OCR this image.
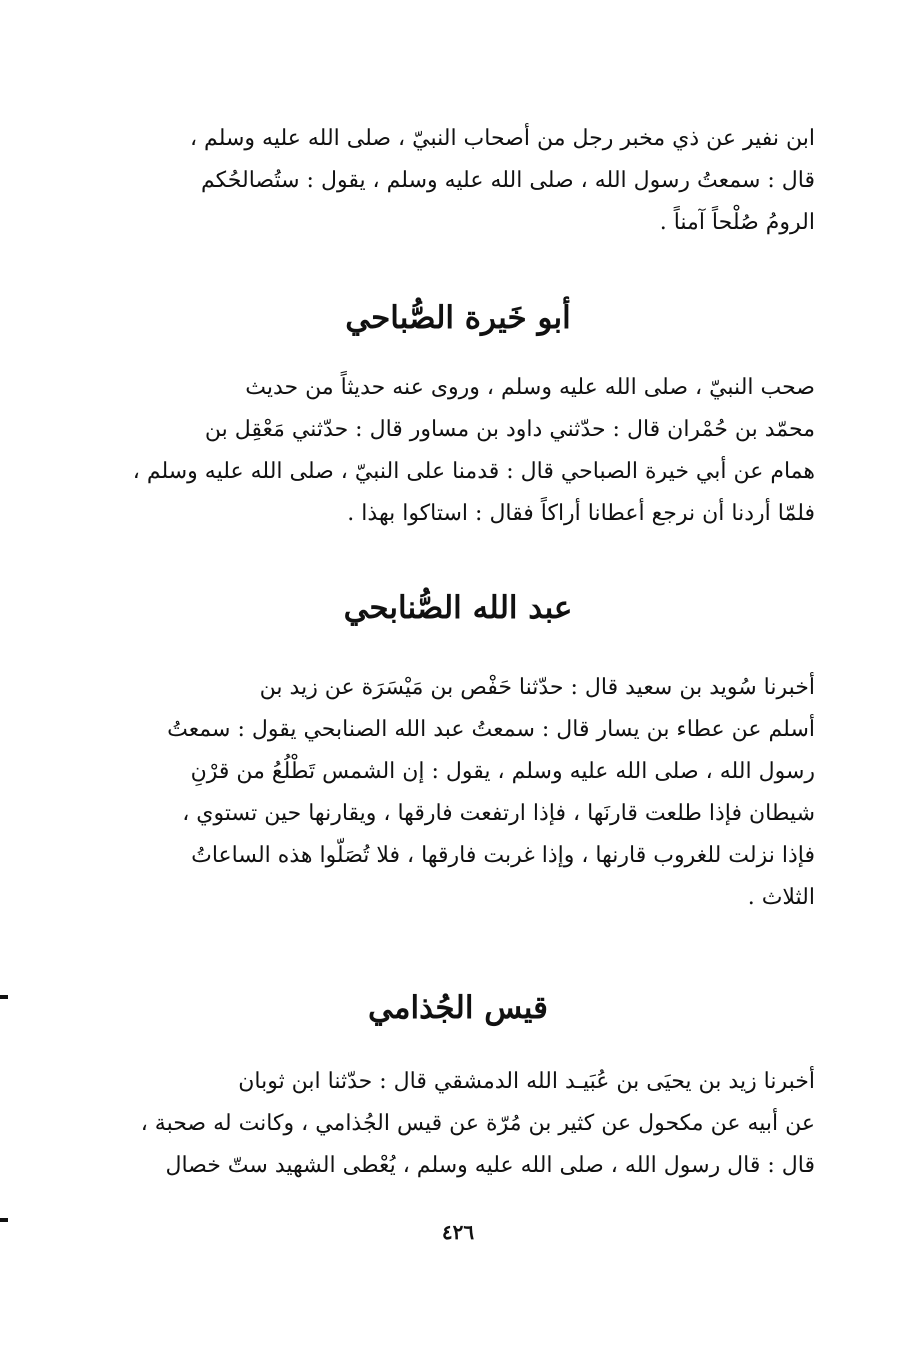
ابن نفير عن ذي مخبر رجل من أصحاب النبيّ ، صلى الله عليه وسلم ،
قال : سمعتُ رسول الله ، صلى الله عليه وسلم ، يقول : ستُصالحُكم
الرومُ صُلْحاً آمناً .
أبو خَيرة الصُّباحي
صحب النبيّ ، صلى الله عليه وسلم ، وروى عنه حديثاً من حديث
محمّد بن حُمْران قال : حدّثني داود بن مساور قال : حدّثني مَعْقِل بن
همام عن أبي خيرة الصباحي قال : قدمنا على النبيّ ، صلى الله عليه وسلم ،
فلمّا أردنا أن نرجع أعطانا أراكاً فقال : استاكوا بهذا .
عبد الله الصُّنابحي
أخبرنا سُويد بن سعيد قال : حدّثنا حَفْص بن مَيْسَرَة عن زيد بن
أسلم عن عطاء بن يسار قال : سمعتُ عبد الله الصنابحي يقول : سمعتُ
رسول الله ، صلى الله عليه وسلم ، يقول : إن الشمس تَطْلُعُ من قرْنِ
شيطان فإذا طلعت قارنَها ، فإذا ارتفعت فارقها ، ويقارنها حين تستوي ،
فإذا نزلت للغروب قارنها ، وإذا غربت فارقها ، فلا تُصَلّوا هذه الساعاتُ
الثلاث .
قيس الجُذامي
أخبرنا زيد بن يحيَى بن عُبَيـد الله الدمشقي قال : حدّثنا ابن ثوبان
عن أبيه عن مكحول عن كثير بن مُرّة عن قيس الجُذامي ، وكانت له صحبة ،
قال : قال رسول الله ، صلى الله عليه وسلم ، يُعْطى الشهيد ستّ خصال
٤٢٦
